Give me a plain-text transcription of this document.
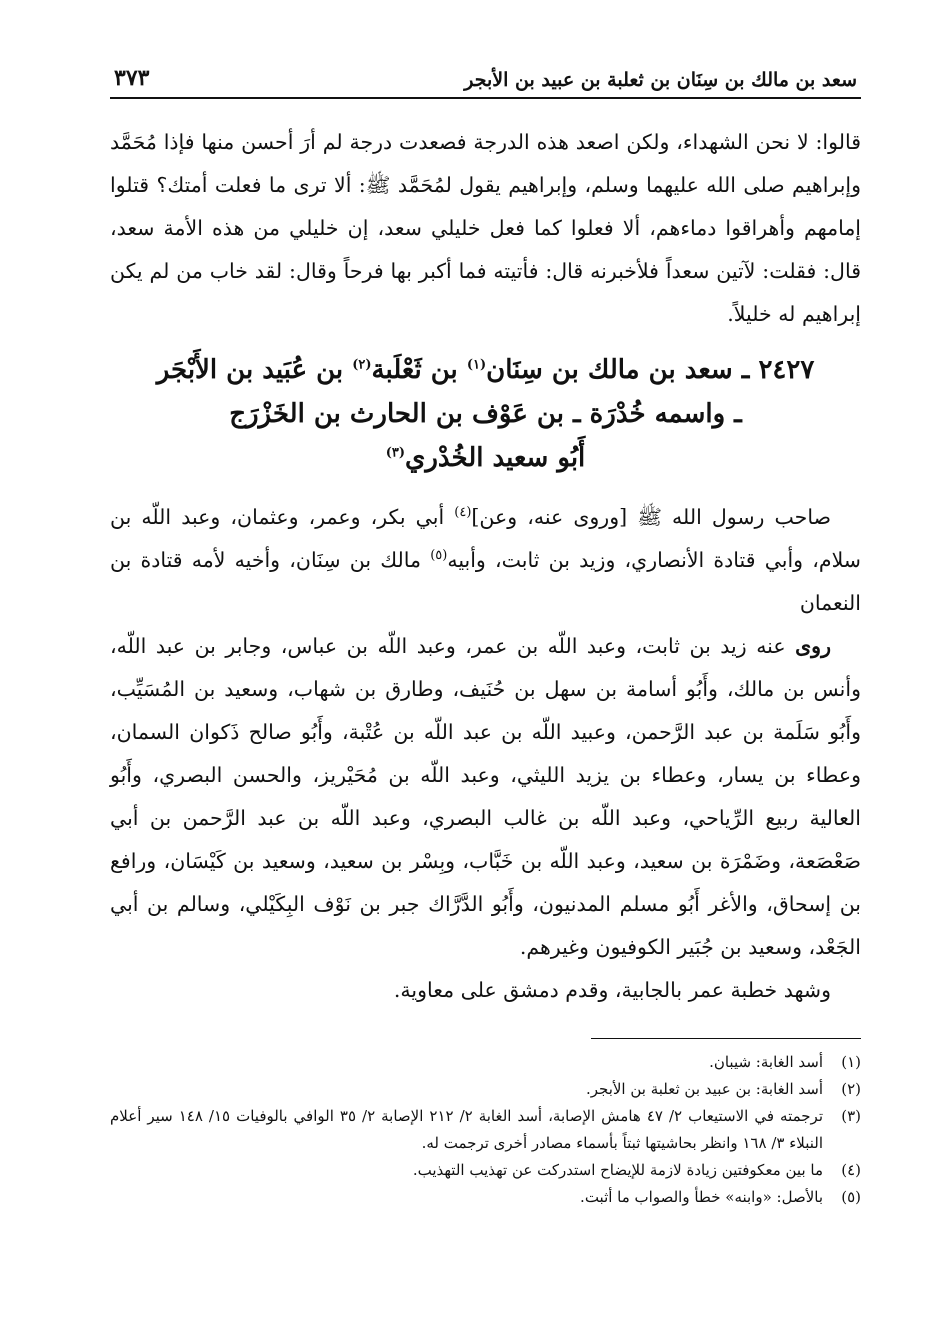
سعد بن مالك بن سِنَان بن ثعلبة بن عبيد بن الأبجر
٣٧٣

قالوا: لا نحن الشهداء، ولكن اصعد هذه الدرجة فصعدت درجة لم أرَ أحسن منها فإذا مُحَمَّد وإبراهيم صلى الله عليهما وسلم، وإبراهيم يقول لمُحَمَّد ﷺ: ألا ترى ما فعلت أمتك؟ قتلوا إمامهم وأهراقوا دماءهم، ألا فعلوا كما فعل خليلي سعد، إن خليلي من هذه الأمة سعد، قال: فقلت: لآتين سعداً فلأخبرنه قال: فأتيته فما أكبر بها فرحاً وقال: لقد خاب من لم يكن إبراهيم له خليلاً.

٢٤٢٧ ـ سعد بن مالك بن سِنَان$^{(١)}$ بن ثَعْلَبة$^{(٢)}$ بن عُبَيد بن الأَبْجَر
ـ واسمه خُدْرَة ـ بن عَوْف بن الحارث بن الخَزْرَج
أَبُو سعيد الخُدْري$^{(٣)}$

صاحب رسول الله ﷺ [وروى عنه، وعن]$^{(٤)}$ أبي بكر، وعمر، وعثمان، وعبد اللّه بن سلام، وأبي قتادة الأنصاري، وزيد بن ثابت، وأبيه$^{(٥)}$ مالك بن سِنَان، وأخيه لأمه قتادة بن النعمان

روى عنه زيد بن ثابت، وعبد اللّه بن عمر، وعبد اللّه بن عباس، وجابر بن عبد اللّه، وأنس بن مالك، وأَبُو أسامة بن سهل بن حُنَيف، وطارق بن شهاب، وسعيد بن المُسَيِّب، وأَبُو سَلَمة بن عبد الرَّحمن، وعبيد اللّه بن عبد اللّه بن عُتْبة، وأَبُو صالح ذَكوان السمان، وعطاء بن يسار، وعطاء بن يزيد الليثي، وعبد اللّه بن مُحَيْريز، والحسن البصري، وأَبُو العالية ربيع الرِّياحي، وعبد اللّه بن غالب البصري، وعبد اللّه بن عبد الرَّحمن بن أبي صَعْصَعة، وضَمْرَة بن سعيد، وعبد اللّه بن خَبَّاب، وبِسْر بن سعيد، وسعيد بن كَيْسَان، ورافع بن إسحاق، والأغر أَبُو مسلم المدنيون، وأَبُو الدَّرَّاك جبر بن نَوْف البِكَيْلي، وسالم بن أبي الجَعْد، وسعيد بن جُبَير الكوفيون وغيرهم.

وشهد خطبة عمر بالجابية، وقدم دمشق على معاوية.

(١)
أسد الغابة: شيبان.
(٢)
أسد الغابة: بن عبيد بن ثعلبة بن الأبجر.
(٣)
ترجمته في الاستيعاب ٢/ ٤٧ هامش الإصابة، أسد الغابة ٢/ ٢١٢ الإصابة ٢/ ٣٥ الوافي بالوفيات ١٥/ ١٤٨ سير أعلام النبلاء ٣/ ١٦٨ وانظر بحاشيتها ثبتاً بأسماء مصادر أخرى ترجمت له.
(٤)
ما بين معكوفتين زيادة لازمة للإيضاح استدركت عن تهذيب التهذيب.
(٥)
بالأصل: «وابنه» خطأ والصواب ما أثبت.
